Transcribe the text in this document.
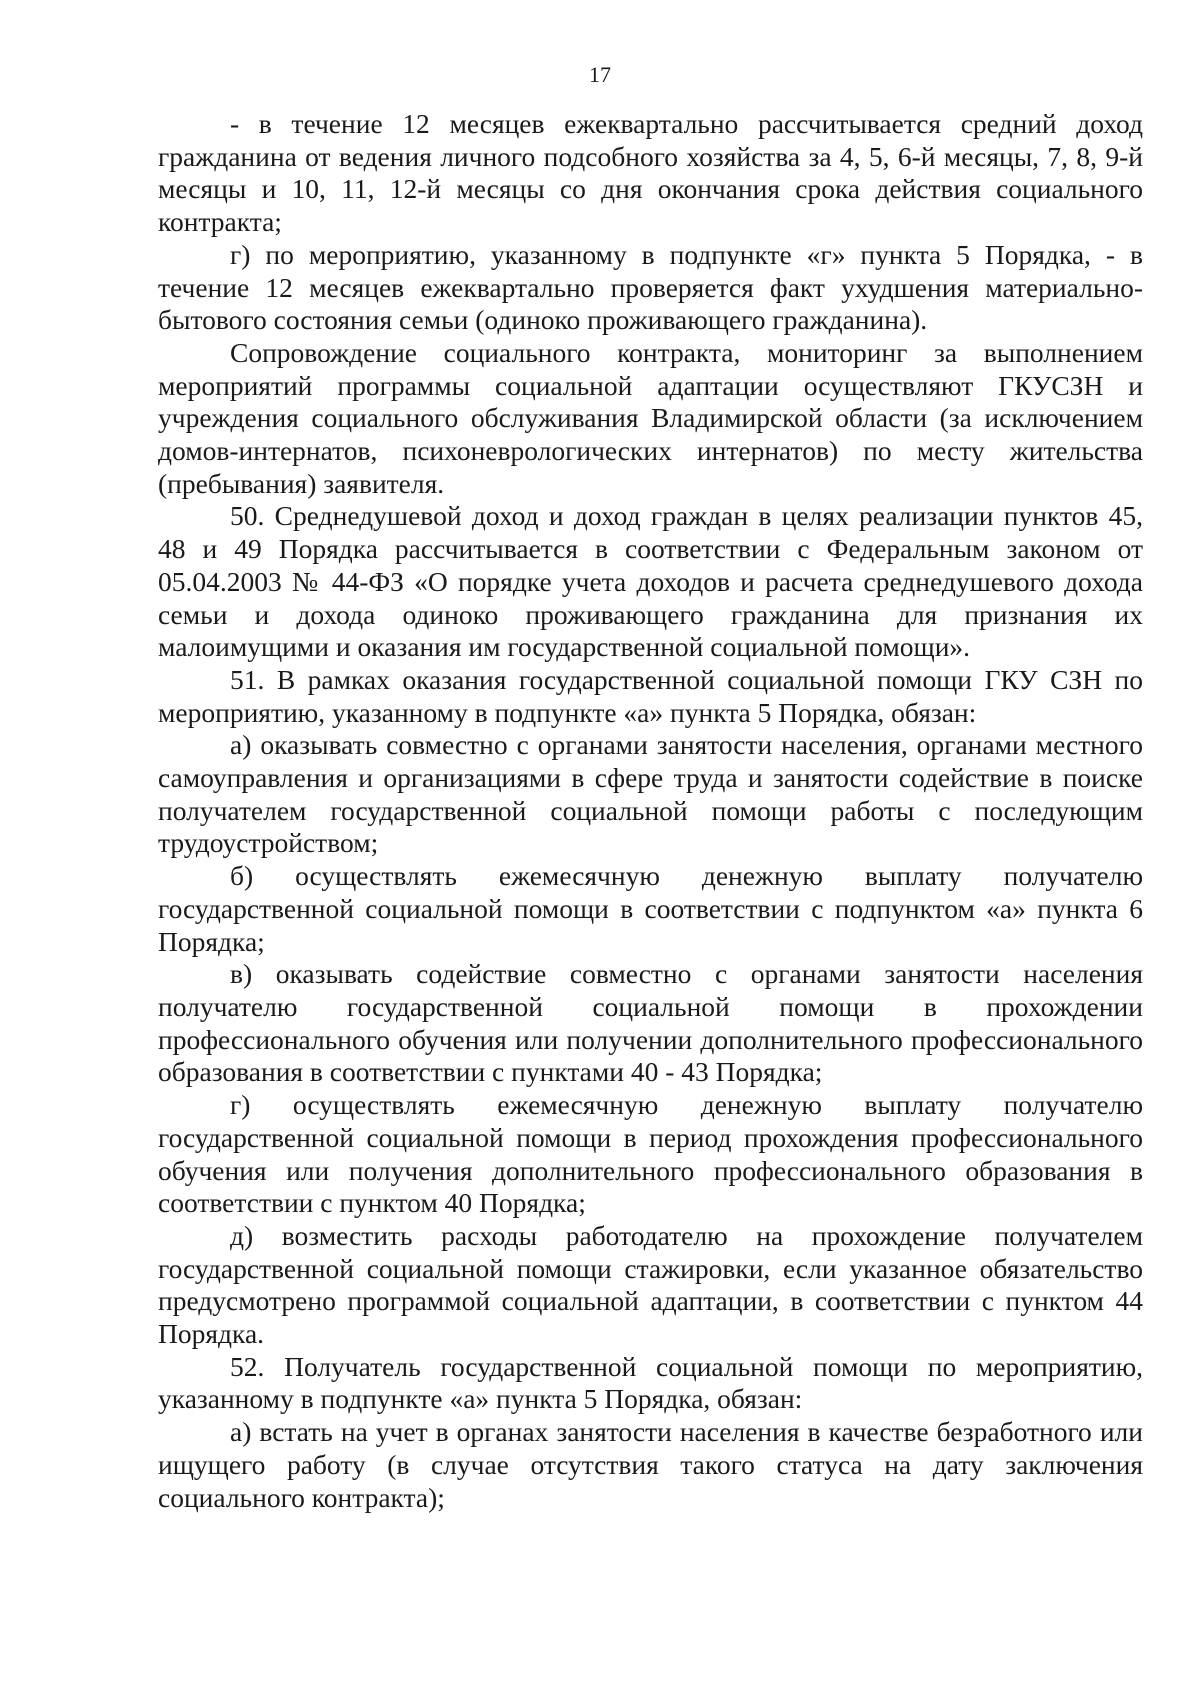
17

- в течение 12 месяцев ежеквартально рассчитывается средний доход гражданина от ведения личного подсобного хозяйства за 4, 5, 6-й месяцы, 7, 8, 9-й месяцы и 10, 11, 12-й месяцы со дня окончания срока действия социального контракта;

г) по мероприятию, указанному в подпункте «г» пункта 5 Порядка, - в течение 12 месяцев ежеквартально проверяется факт ухудшения материально-бытового состояния семьи (одиноко проживающего гражданина).

Сопровождение социального контракта, мониторинг за выполнением мероприятий программы социальной адаптации осуществляют ГКУСЗН и учреждения социального обслуживания Владимирской области (за исключением домов-интернатов, психоневрологических интернатов) по месту жительства (пребывания) заявителя.

50. Среднедушевой доход и доход граждан в целях реализации пунктов 45, 48 и 49 Порядка рассчитывается в соответствии с Федеральным законом от 05.04.2003 № 44-ФЗ «О порядке учета доходов и расчета среднедушевого дохода семьи и дохода одиноко проживающего гражданина для признания их малоимущими и оказания им государственной социальной помощи».

51. В рамках оказания государственной социальной помощи ГКУ СЗН по мероприятию, указанному в подпункте «а» пункта 5 Порядка, обязан:

а) оказывать совместно с органами занятости населения, органами местного самоуправления и организациями в сфере труда и занятости содействие в поиске получателем государственной социальной помощи работы с последующим трудоустройством;

б) осуществлять ежемесячную денежную выплату получателю государственной социальной помощи в соответствии с подпунктом «а» пункта 6 Порядка;

в) оказывать содействие совместно с органами занятости населения получателю государственной социальной помощи в прохождении профессионального обучения или получении дополнительного профессионального образования в соответствии с пунктами 40 - 43 Порядка;

г) осуществлять ежемесячную денежную выплату получателю государственной социальной помощи в период прохождения профессионального обучения или получения дополнительного профессионального образования в соответствии с пунктом 40 Порядка;

д) возместить расходы работодателю на прохождение получателем государственной социальной помощи стажировки, если указанное обязательство предусмотрено программой социальной адаптации, в соответствии с пунктом 44 Порядка.

52. Получатель государственной социальной помощи по мероприятию, указанному в подпункте «а» пункта 5 Порядка, обязан:

а) встать на учет в органах занятости населения в качестве безработного или ищущего работу (в случае отсутствия такого статуса на дату заключения социального контракта);
